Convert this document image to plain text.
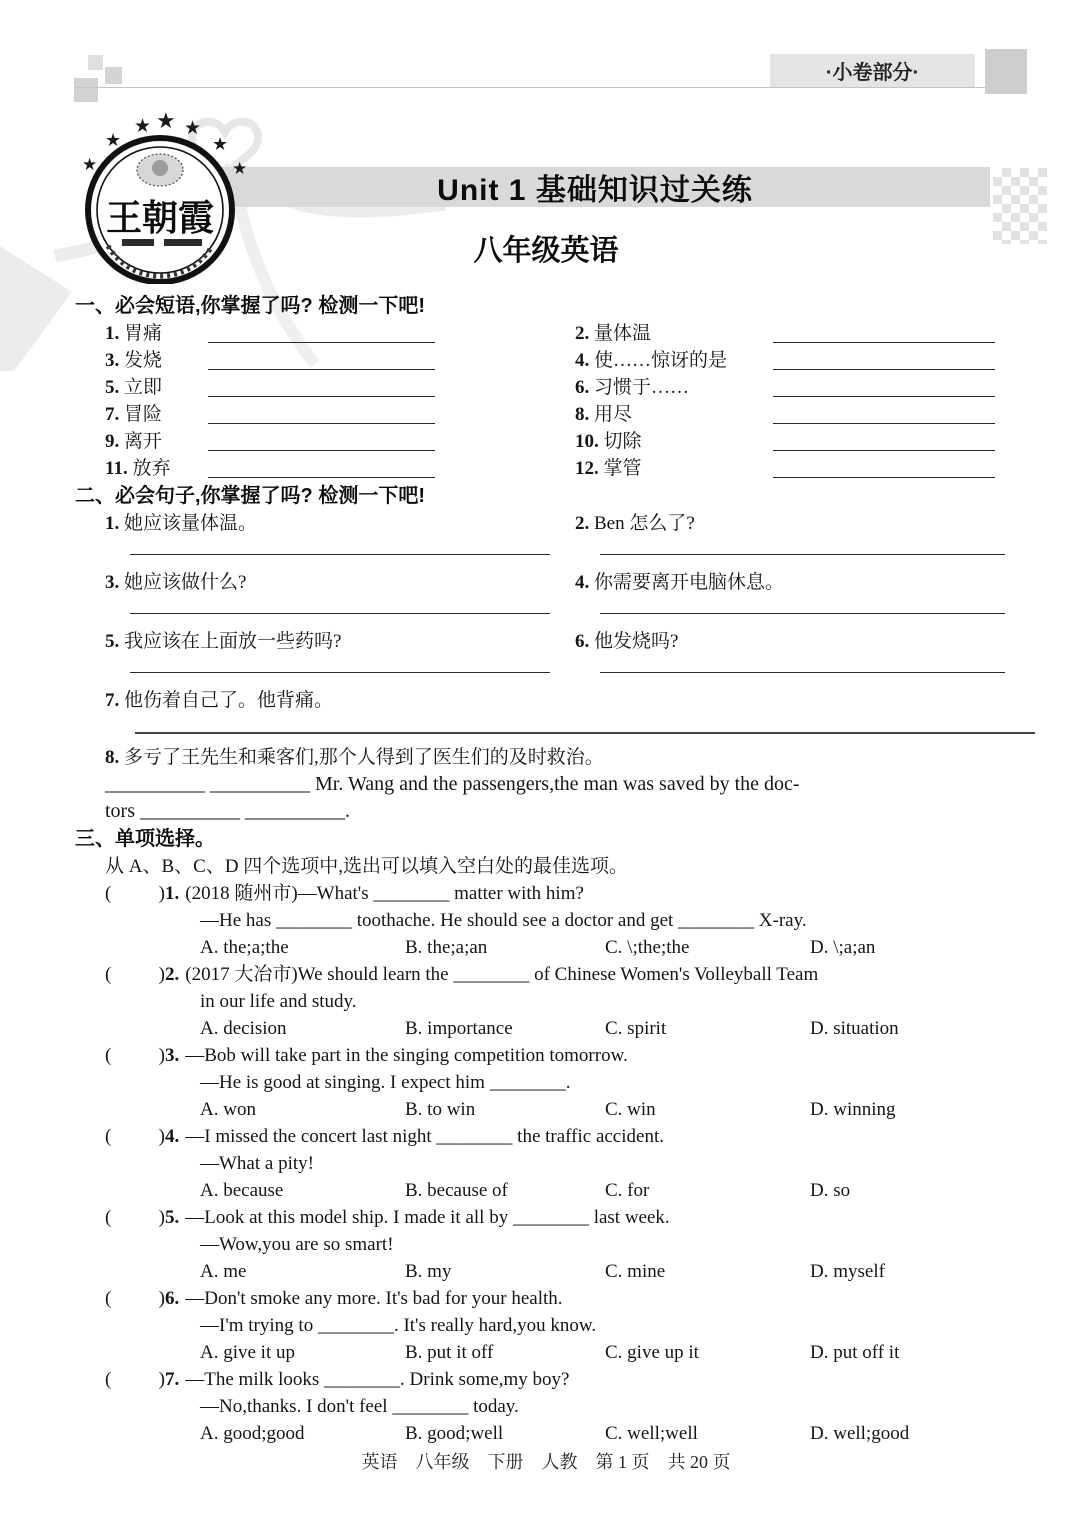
·小卷部分·
Unit 1 基础知识过关练
★
★
★ ★ ★
★
★
王朝霞
八年级英语
一、必会短语,你掌握了吗? 检测一下吧!
1. 胃痛	2. 量体温
3. 发烧	4. 使……惊讶的是
5. 立即	6. 习惯于……
7. 冒险	8. 用尽
9. 离开	10. 切除
11. 放弃	12. 掌管
二、必会句子,你掌握了吗? 检测一下吧!
1. 她应该量体温。	2. Ben 怎么了?
3. 她应该做什么?	4. 你需要离开电脑休息。
5. 我应该在上面放一些药吗?	6. 他发烧吗?
7. 他伤着自己了。他背痛。
8. 多亏了王先生和乘客们,那个人得到了医生们的及时救治。
__________ __________ Mr. Wang and the passengers,the man was saved by the doc-
tors __________ __________.
三、单项选择。
从 A、B、C、D 四个选项中,选出可以填入空白处的最佳选项。
( ) 1. (2018 随州市)—What's ________ matter with him?
—He has ________ toothache. He should see a doctor and get ________ X-ray.
A. the;a;the	B. the;a;an	C. \;the;the	D. \;a;an
( ) 2. (2017 大冶市)We should learn the ________ of Chinese Women's Volleyball Team
in our life and study.
A. decision	B. importance	C. spirit	D. situation
( ) 3. —Bob will take part in the singing competition tomorrow.
—He is good at singing. I expect him ________.
A. won	B. to win	C. win	D. winning
( ) 4. —I missed the concert last night ________ the traffic accident.
—What a pity!
A. because	B. because of	C. for	D. so
( ) 5. —Look at this model ship. I made it all by ________ last week.
—Wow,you are so smart!
A. me	B. my	C. mine	D. myself
( ) 6. —Don't smoke any more. It's bad for your health.
—I'm trying to ________. It's really hard,you know.
A. give it up	B. put it off	C. give up it	D. put off it
( ) 7. —The milk looks ________. Drink some,my boy?
—No,thanks. I don't feel ________ today.
A. good;good	B. good;well	C. well;well	D. well;good
英语　八年级　下册　人教　第 1 页　共 20 页
